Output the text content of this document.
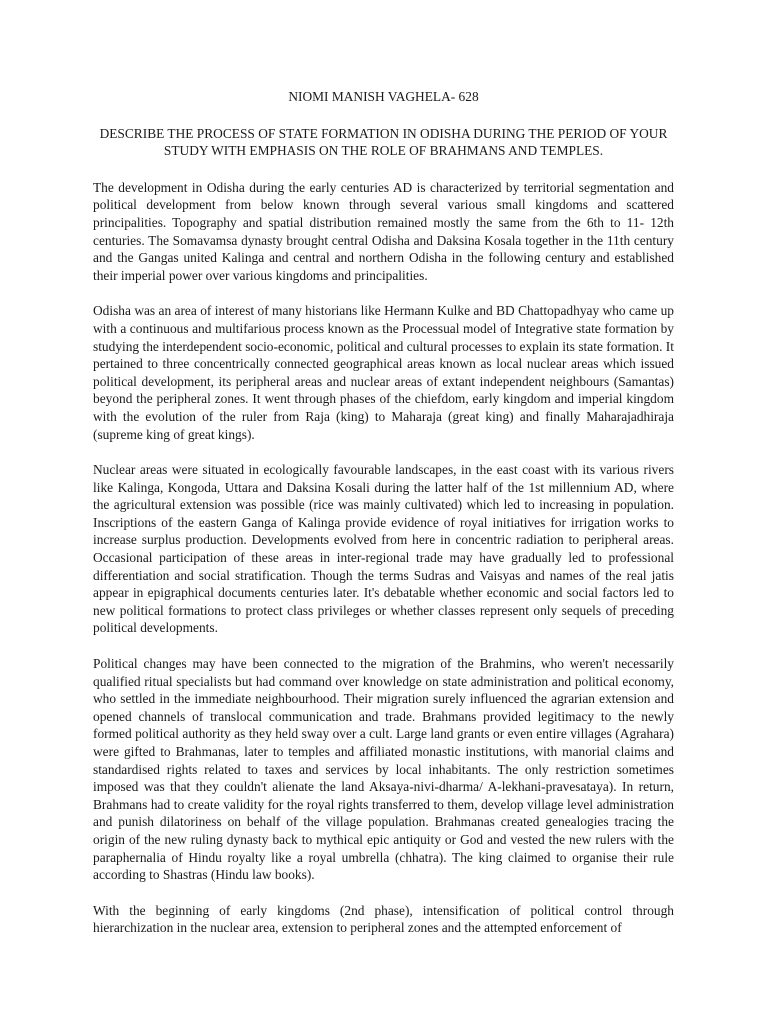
NIOMI MANISH VAGHELA- 628

DESCRIBE THE PROCESS OF STATE FORMATION IN ODISHA DURING THE PERIOD OF YOUR STUDY WITH EMPHASIS ON THE ROLE OF BRAHMANS AND TEMPLES.

The development in Odisha during the early centuries AD is characterized by territorial segmentation and political development from below known through several various small kingdoms and scattered principalities. Topography and spatial distribution remained mostly the same from the 6th to 11- 12th centuries. The Somavamsa dynasty brought central Odisha and Daksina Kosala together in the 11th century and the Gangas united Kalinga and central and northern Odisha in the following century and established their imperial power over various kingdoms and principalities.

Odisha was an area of interest of many historians like Hermann Kulke and BD Chattopadhyay who came up with a continuous and multifarious process known as the Processual model of Integrative state formation by studying the interdependent socio-economic, political and cultural processes to explain its state formation. It pertained to three concentrically connected geographical areas known as local nuclear areas which issued political development, its peripheral areas and nuclear areas of extant independent neighbours (Samantas) beyond the peripheral zones. It went through phases of the chiefdom, early kingdom and imperial kingdom with the evolution of the ruler from Raja (king) to Maharaja (great king) and finally Maharajadhiraja (supreme king of great kings).

Nuclear areas were situated in ecologically favourable landscapes, in the east coast with its various rivers like Kalinga, Kongoda, Uttara and Daksina Kosali during the latter half of the 1st millennium AD, where the agricultural extension was possible (rice was mainly cultivated) which led to increasing in population. Inscriptions of the eastern Ganga of Kalinga provide evidence of royal initiatives for irrigation works to increase surplus production. Developments evolved from here in concentric radiation to peripheral areas. Occasional participation of these areas in inter-regional trade may have gradually led to professional differentiation and social stratification. Though the terms Sudras and Vaisyas and names of the real jatis appear in epigraphical documents centuries later. It's debatable whether economic and social factors led to new political formations to protect class privileges or whether classes represent only sequels of preceding political developments.

Political changes may have been connected to the migration of the Brahmins, who weren't necessarily qualified ritual specialists but had command over knowledge on state administration and political economy, who settled in the immediate neighbourhood. Their migration surely influenced the agrarian extension and opened channels of translocal communication and trade. Brahmans provided legitimacy to the newly formed political authority as they held sway over a cult. Large land grants or even entire villages (Agrahara) were gifted to Brahmanas, later to temples and affiliated monastic institutions, with manorial claims and standardised rights related to taxes and services by local inhabitants. The only restriction sometimes imposed was that they couldn't alienate the land Aksaya-nivi-dharma/ A-lekhani-pravesataya). In return, Brahmans had to create validity for the royal rights transferred to them, develop village level administration and punish dilatoriness on behalf of the village population. Brahmanas created genealogies tracing the origin of the new ruling dynasty back to mythical epic antiquity or God and vested the new rulers with the paraphernalia of Hindu royalty like a royal umbrella (chhatra). The king claimed to organise their rule according to Shastras (Hindu law books).

With the beginning of early kingdoms (2nd phase), intensification of political control through hierarchization in the nuclear area, extension to peripheral zones and the attempted enforcement of
